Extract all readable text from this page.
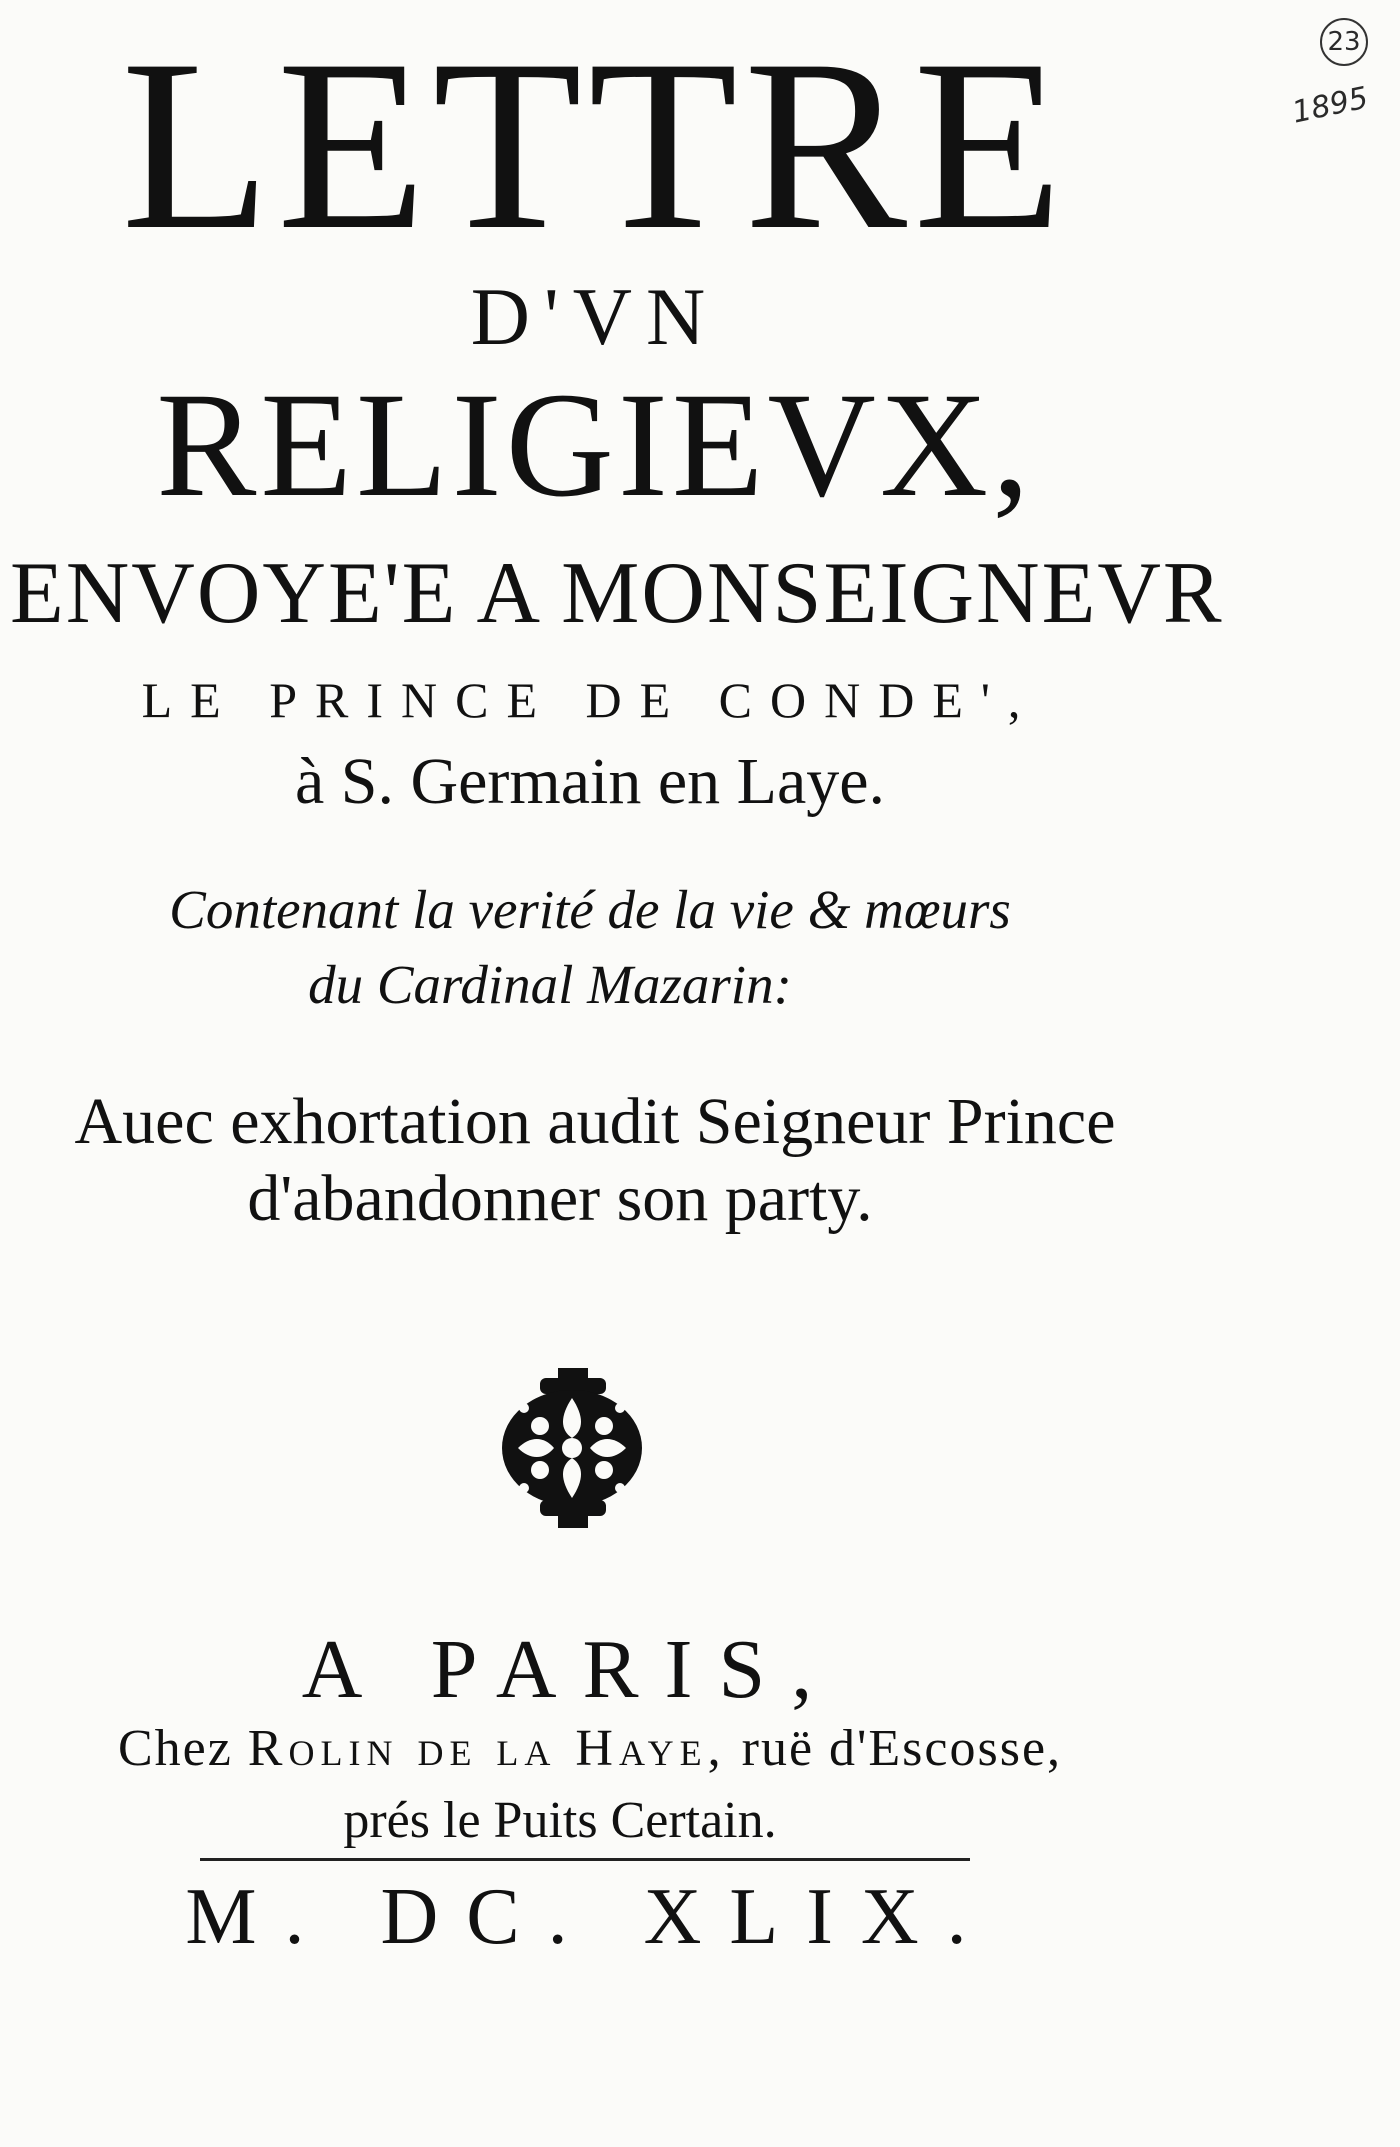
LETTRE
D'VN
RELIGIEVX,
ENVOYE'E A MONSEIGNEVR
LE PRINCE DE CONDE',
à S. Germain en Laye.
Contenant la verité de la vie & mœurs
du Cardinal Mazarin:
Auec exhortation audit Seigneur Prince
d'abandonner son party.
A PARIS,
Chez Rolin de la Haye, ruë d'Escosse,
prés le Puits Certain.
M. DC. XLIX.
23
1895
